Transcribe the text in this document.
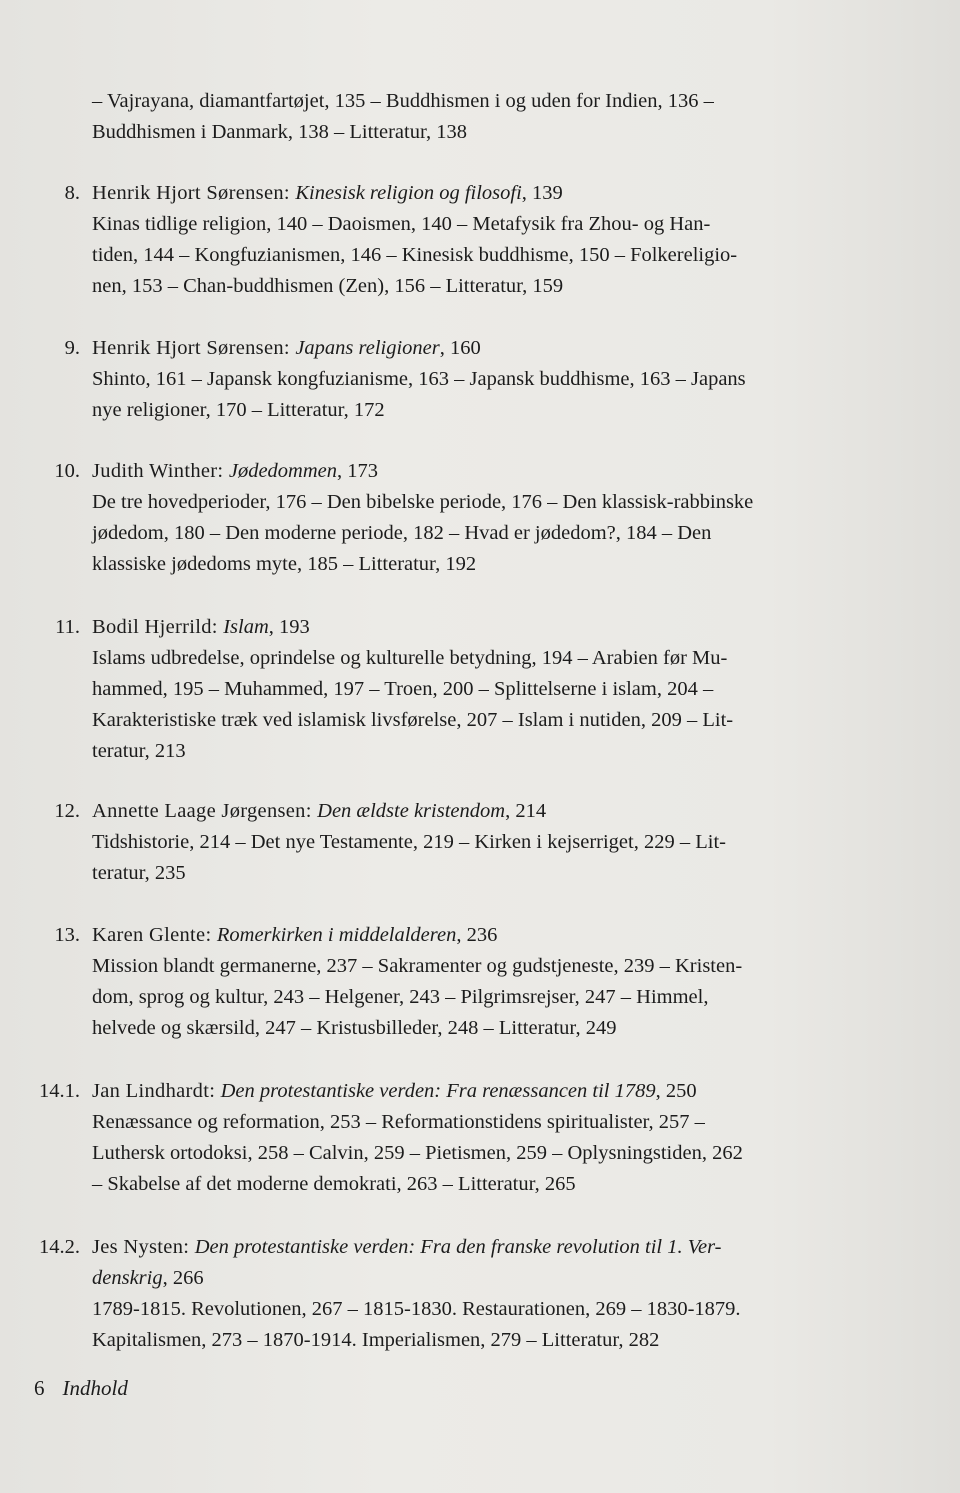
– Vajrayana, diamantfartøjet, 135 – Buddhismen i og uden for Indien, 136 –
Buddhismen i Danmark, 138 – Litteratur, 138
8. Henrik Hjort Sørensen: Kinesisk religion og filosofi, 139
Kinas tidlige religion, 140 – Daoismen, 140 – Metafysik fra Zhou- og Han-
tiden, 144 – Kongfuzianismen, 146 – Kinesisk buddhisme, 150 – Folkereligio-
nen, 153 – Chan-buddhismen (Zen), 156 – Litteratur, 159
9. Henrik Hjort Sørensen: Japans religioner, 160
Shinto, 161 – Japansk kongfuzianisme, 163 – Japansk buddhisme, 163 – Japans
nye religioner, 170 – Litteratur, 172
10. Judith Winther: Jødedommen, 173
De tre hovedperioder, 176 – Den bibelske periode, 176 – Den klassisk-rabbinske
jødedom, 180 – Den moderne periode, 182 – Hvad er jødedom?, 184 – Den
klassiske jødedoms myte, 185 – Litteratur, 192
11. Bodil Hjerrild: Islam, 193
Islams udbredelse, oprindelse og kulturelle betydning, 194 – Arabien før Mu-
hammed, 195 – Muhammed, 197 – Troen, 200 – Splittelserne i islam, 204 –
Karakteristiske træk ved islamisk livsførelse, 207 – Islam i nutiden, 209 – Lit-
teratur, 213
12. Annette Laage Jørgensen: Den ældste kristendom, 214
Tidshistorie, 214 – Det nye Testamente, 219 – Kirken i kejserriget, 229 – Lit-
teratur, 235
13. Karen Glente: Romerkirken i middelalderen, 236
Mission blandt germanerne, 237 – Sakramenter og gudstjeneste, 239 – Kristen-
dom, sprog og kultur, 243 – Helgener, 243 – Pilgrimsrejser, 247 – Himmel,
helvede og skærsild, 247 – Kristusbilleder, 248 – Litteratur, 249
14.1. Jan Lindhardt: Den protestantiske verden: Fra renæssancen til 1789, 250
Renæssance og reformation, 253 – Reformationstidens spiritualister, 257 –
Luthersk ortodoksi, 258 – Calvin, 259 – Pietismen, 259 – Oplysningstiden, 262
– Skabelse af det moderne demokrati, 263 – Litteratur, 265
14.2. Jes Nysten: Den protestantiske verden: Fra den franske revolution til 1. Ver-
denskrig, 266
1789-1815. Revolutionen, 267 – 1815-1830. Restaurationen, 269 – 1830-1879.
Kapitalismen, 273 – 1870-1914. Imperialismen, 279 – Litteratur, 282
6 Indhold
